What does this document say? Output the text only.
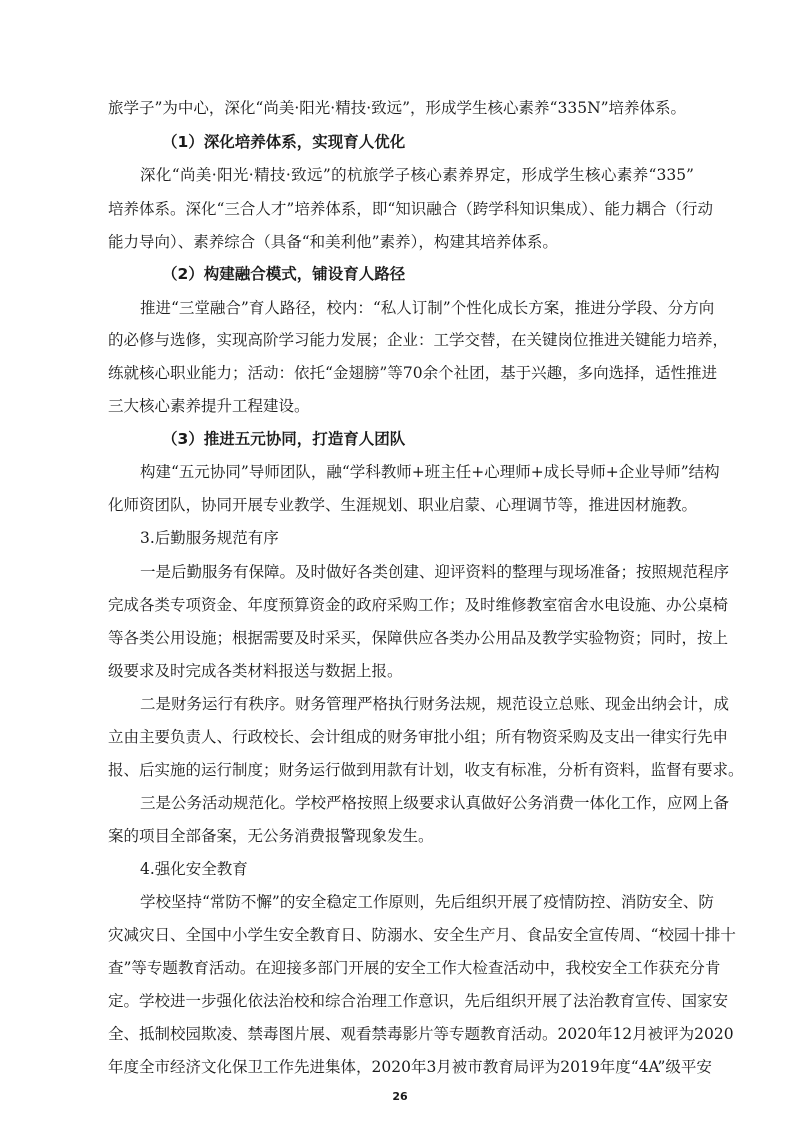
旅学子”为中心，深化“尚美·阳光·精技·致远”，形成学生核心素养“335N”培养体系。
（1）深化培养体系，实现育人优化
深化“尚美·阳光·精技·致远”的杭旅学子核心素养界定，形成学生核心素养“335”
培养体系。深化“三合人才”培养体系，即“知识融合（跨学科知识集成）、能力耦合（行动
能力导向）、素养综合（具备“和美利他”素养），构建其培养体系。
（2）构建融合模式，铺设育人路径
推进“三堂融合”育人路径，校内：“私人订制”个性化成长方案，推进分学段、分方向
的必修与选修，实现高阶学习能力发展；企业：工学交替，在关键岗位推进关键能力培养，
练就核心职业能力；活动：依托“金翅膀”等70余个社团，基于兴趣，多向选择，适性推进
三大核心素养提升工程建设。
（3）推进五元协同，打造育人团队
构建“五元协同”导师团队，融“学科教师+班主任+心理师+成长导师+企业导师”结构
化师资团队，协同开展专业教学、生涯规划、职业启蒙、心理调节等，推进因材施教。
3.后勤服务规范有序
一是后勤服务有保障。及时做好各类创建、迎评资料的整理与现场准备；按照规范程序
完成各类专项资金、年度预算资金的政府采购工作；及时维修教室宿舍水电设施、办公桌椅
等各类公用设施；根据需要及时采买，保障供应各类办公用品及教学实验物资；同时，按上
级要求及时完成各类材料报送与数据上报。
二是财务运行有秩序。财务管理严格执行财务法规，规范设立总账、现金出纳会计，成
立由主要负责人、行政校长、会计组成的财务审批小组；所有物资采购及支出一律实行先申
报、后实施的运行制度；财务运行做到用款有计划，收支有标准，分析有资料，监督有要求。
三是公务活动规范化。学校严格按照上级要求认真做好公务消费一体化工作，应网上备
案的项目全部备案，无公务消费报警现象发生。
4.强化安全教育
学校坚持“常防不懈”的安全稳定工作原则，先后组织开展了疫情防控、消防安全、防
灾减灾日、全国中小学生安全教育日、防溺水、安全生产月、食品安全宣传周、“校园十排十
查”等专题教育活动。在迎接多部门开展的安全工作大检查活动中，我校安全工作获充分肯
定。学校进一步强化依法治校和综合治理工作意识，先后组织开展了法治教育宣传、国家安
全、抵制校园欺凌、禁毒图片展、观看禁毒影片等专题教育活动。2020年12月被评为2020
年度全市经济文化保卫工作先进集体，2020年3月被市教育局评为2019年度“4A”级平安
26
